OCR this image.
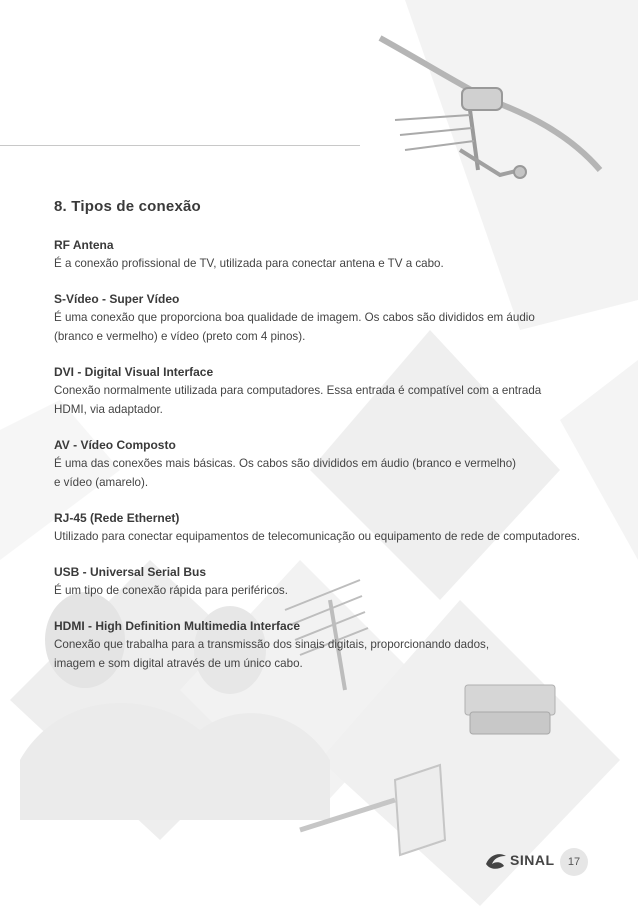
8. Tipos de conexão
RF Antena
É a conexão profissional de TV, utilizada para conectar antena e TV a cabo.
S-Vídeo - Super Vídeo
É uma conexão que proporciona boa qualidade de imagem. Os cabos são divididos em áudio
(branco e vermelho) e vídeo (preto com 4 pinos).
DVI - Digital Visual Interface
Conexão normalmente utilizada para computadores. Essa entrada é compatível com a entrada
HDMI, via adaptador.
AV - Vídeo Composto
É uma das conexões mais básicas. Os cabos são divididos em áudio (branco e vermelho)
e vídeo (amarelo).
RJ-45 (Rede Ethernet)
Utilizado para conectar equipamentos de telecomunicação ou equipamento de rede de computadores.
USB - Universal Serial Bus
É um tipo de conexão rápida para periféricos.
HDMI - High Definition Multimedia Interface
Conexão que trabalha para a transmissão dos sinais digitais, proporcionando dados,
imagem e som digital através de um único cabo.
SINAL	17
